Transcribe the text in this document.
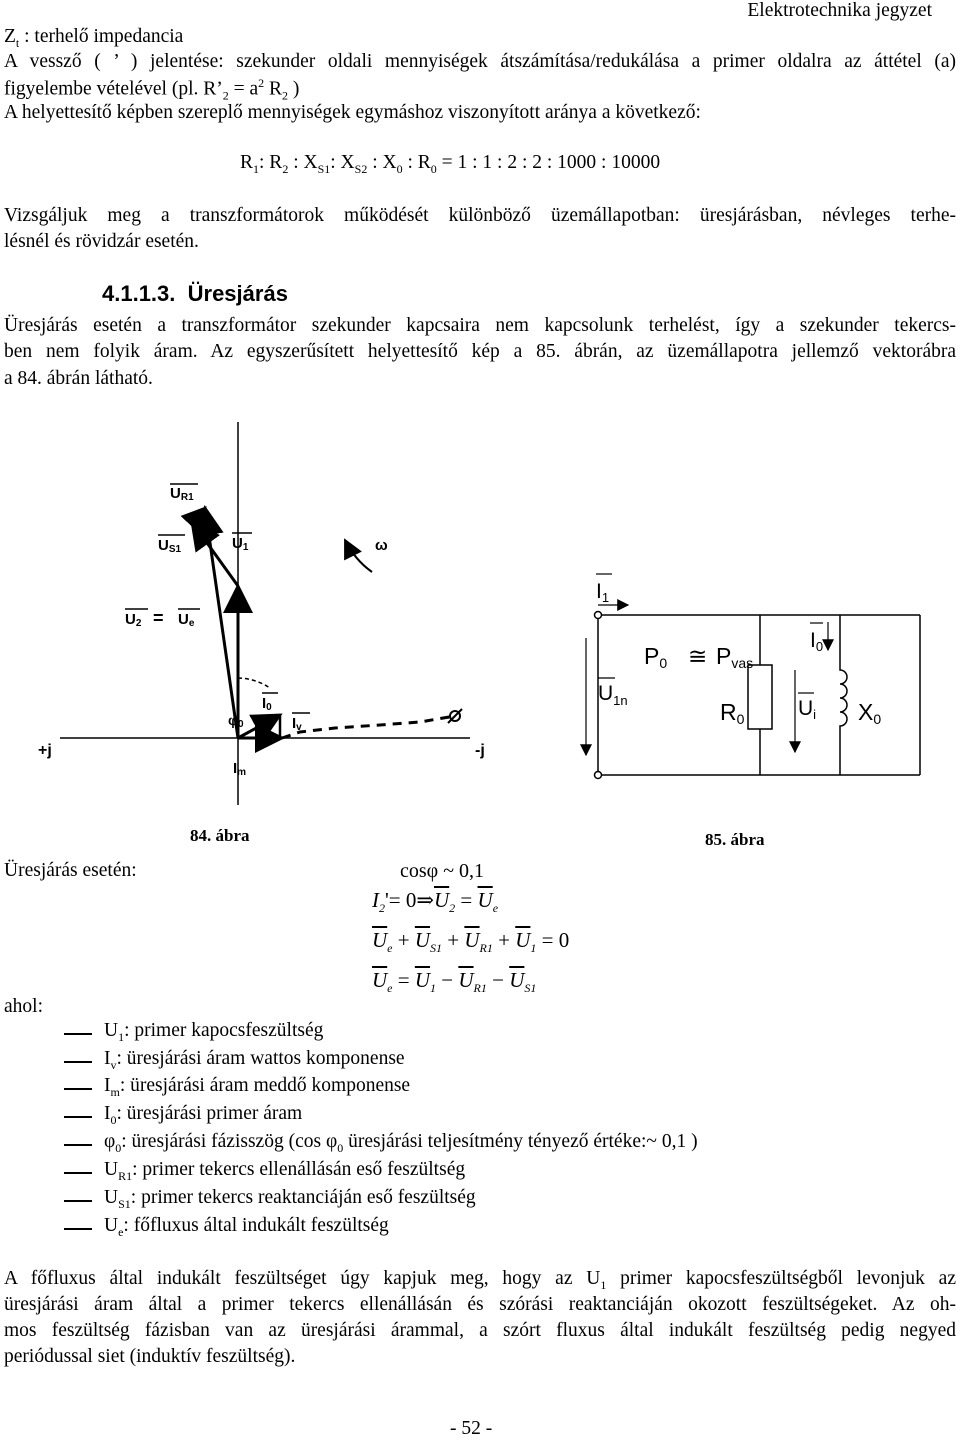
Elektrotechnika jegyzet
$Z_t$ : terhelő impedancia
A vessző ( ’ ) jelentése: szekunder oldali mennyiségek átszámítása/redukálása a primer oldalra az áttétel (a)
figyelembe vételével (pl. $R’_2 = a^2$ $R_2$ )
A helyettesítő képben szereplő mennyiségek egymáshoz viszonyított aránya a következő:
$R_1$: $R_2$ : $X_{S1}$: $X_{S2}$ : $X_0$ : $R_0 = 1$ : 1 : 2 : 2 : 1000 : 10000
Vizsgáljuk meg a transzformátorok működését különböző üzemállapotban: üresjárásban, névleges terhe-
lésnél és rövidzár esetén.
4.1.1.3. Üresjárás
Üresjárás esetén a transzformátor szekunder kapcsaira nem kapcsolunk terhelést, így a szekunder tekercs-
ben nem folyik áram. Az egyszerűsített helyettesítő kép a 85. ábrán, az üzemállapotra jellemző vektorábra
a 84. ábrán látható.
UR1
US1	U1
U2 = Ue
ω
φ0
I0
Iv
Im
+j	-j
I1
I0
P0 ≅ Pvas
$U_{1n}$	R0	Ui X0
84. ábra	85. ábra
Üresjárás esetén:	cosφ ~ 0,1
$I_2'=$ $0\Rightarrow\overline{U}_2 = \overline{U}_e$
$\overline{U}_e + \overline{U}_{S1} + \overline{U}_{R1} + \overline{U}_1 = 0$
$\overline{U}_e = \overline{U}_1 - \overline{U}_{R1} - \overline{U}_{S1}$
ahol:
$U_1$: primer kapocsfeszültség
$I_v$: üresjárási áram wattos komponense
$I_m$: üresjárási áram meddő komponense
$I_0$: üresjárási primer áram
$\varphi_0$: üresjárási fázisszög (cos $\varphi_0$ üresjárási teljesítmény tényező értéke:~ 0,1 )
$U_{R1}$: primer tekercs ellenállásán eső feszültség
$U_{S1}$: primer tekercs reaktanciáján eső feszültség
$U_e$: főfluxus által indukált feszültség
A főfluxus által indukált feszültséget úgy kapjuk meg, hogy az $U_1$ primer kapocsfeszültségből levonjuk az
üresjárási áram által a primer tekercs ellenállásán és szórási reaktanciáján okozott feszültségeket. Az oh-
mos feszültség fázisban van az üresjárási árammal, a szórt fluxus által indukált feszültség pedig negyed
periódussal siet (induktív feszültség).
- 52 -
